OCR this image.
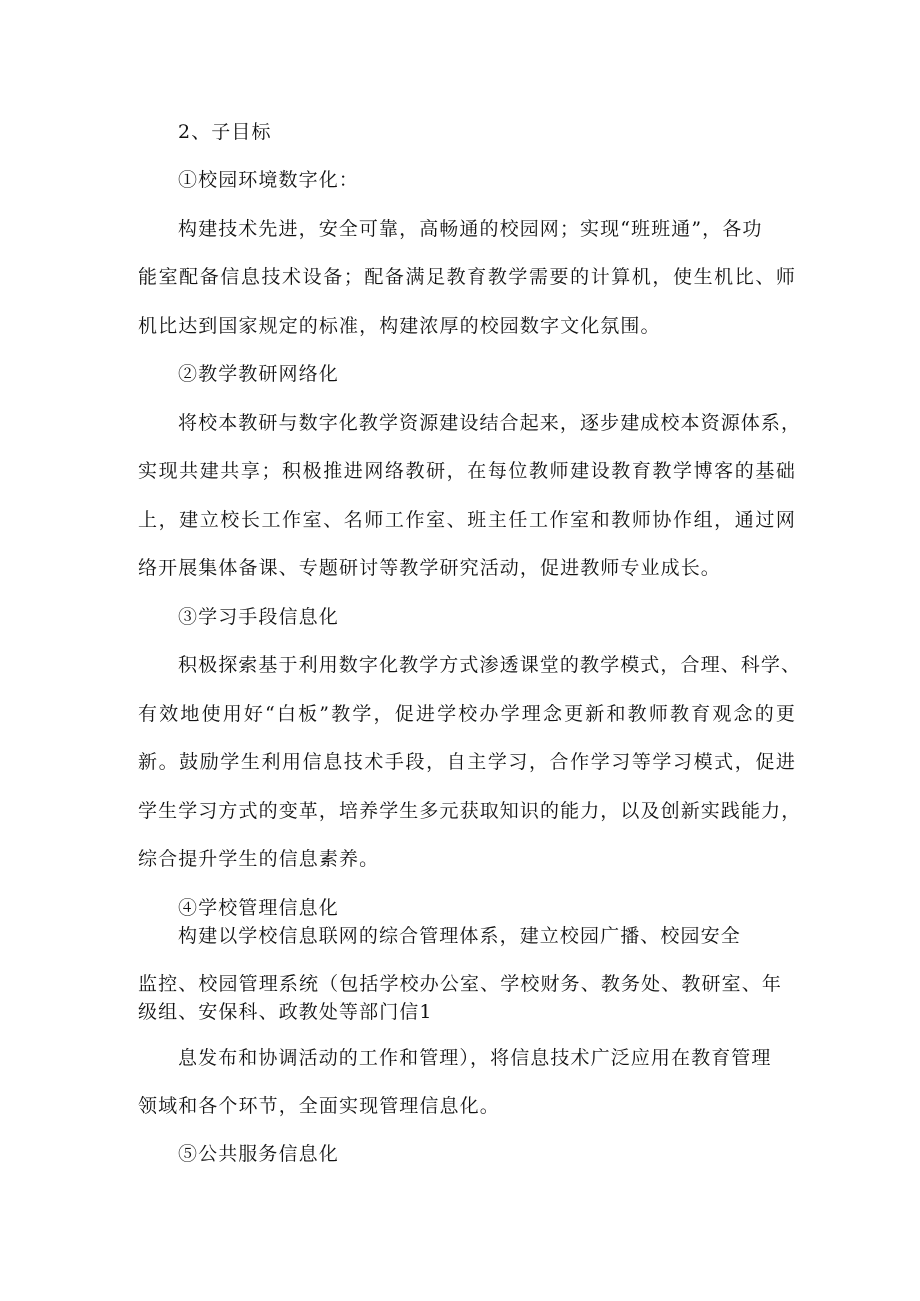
2、子目标

①校园环境数字化：

构建技术先进，安全可靠，高畅通的校园网；实现“班班通”，各功

能室配备信息技术设备；配备满足教育教学需要的计算机，使生机比、师

机比达到国家规定的标准，构建浓厚的校园数字文化氛围。

②教学教研网络化

将校本教研与数字化教学资源建设结合起来，逐步建成校本资源体系，

实现共建共享；积极推进网络教研，在每位教师建设教育教学博客的基础

上，建立校长工作室、名师工作室、班主任工作室和教师协作组，通过网

络开展集体备课、专题研讨等教学研究活动，促进教师专业成长。

③学习手段信息化

积极探索基于利用数字化教学方式渗透课堂的教学模式，合理、科学、

有效地使用好“白板”教学，促进学校办学理念更新和教师教育观念的更

新。鼓励学生利用信息技术手段，自主学习，合作学习等学习模式，促进

学生学习方式的变革，培养学生多元获取知识的能力，以及创新实践能力，

综合提升学生的信息素养。

④学校管理信息化

构建以学校信息联网的综合管理体系，建立校园广播、校园安全

监控、校园管理系统（包括学校办公室、学校财务、教务处、教研室、年

级组、安保科、政教处等部门信1

息发布和协调活动的工作和管理），将信息技术广泛应用在教育管理

领域和各个环节，全面实现管理信息化。

⑤公共服务信息化
